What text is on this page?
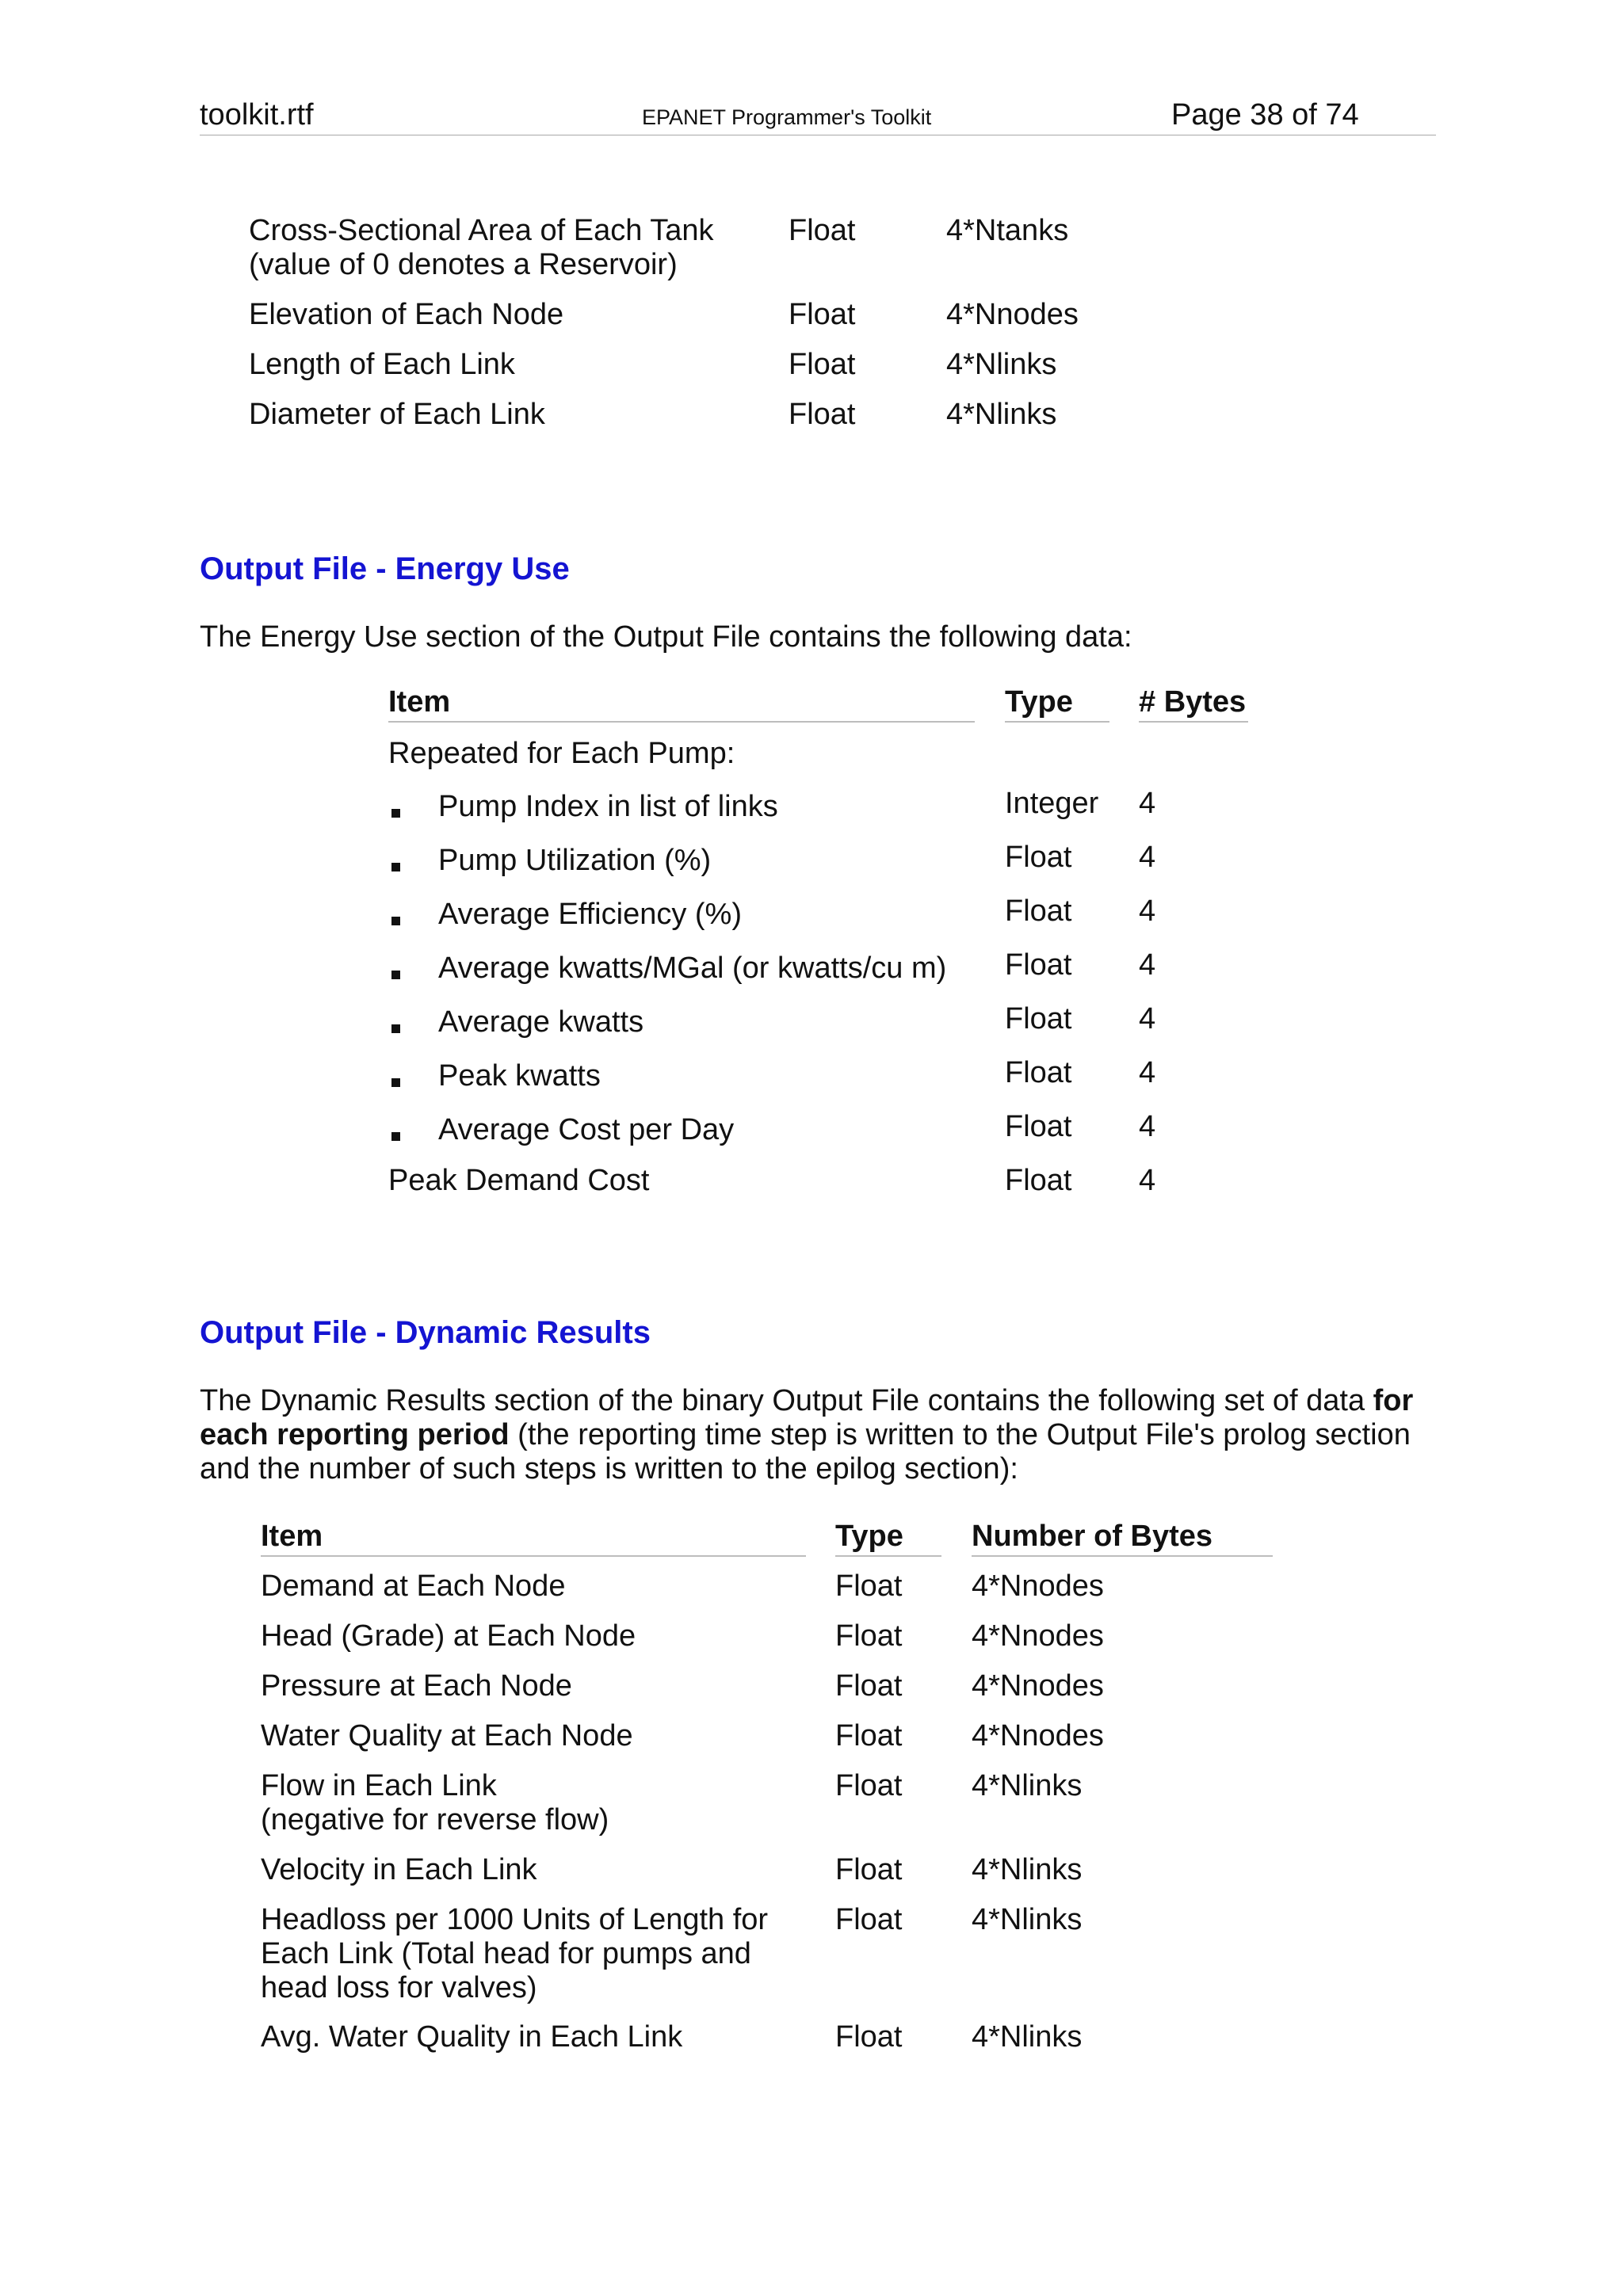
toolkit.rtf	EPANET Programmer's Toolkit	Page 38 of 74
Cross-Sectional Area of Each Tank
(value of 0 denotes a Reservoir)
Float	4*Ntanks
Elevation of Each Node	Float	4*Nnodes
Length of Each Link	Float	4*Nlinks
Diameter of Each Link	Float	4*Nlinks
Output File - Energy Use
The Energy Use section of the Output File contains the following data:
Item	Type # Bytes
Repeated for Each Pump:
Pump Index in list of links	Integer 4
Pump Utilization (%)	Float 4
Average Efficiency (%)	Float 4
Average kwatts/MGal (or kwatts/cu m) Float 4
Average kwatts	Float 4
Peak kwatts	Float 4
Average Cost per Day	Float 4
Peak Demand Cost	Float 4
Output File - Dynamic Results
The Dynamic Results section of the binary Output File contains the following set of data for
each reporting period (the reporting time step is written to the Output File's prolog section
and the number of such steps is written to the epilog section):
Item	Type Number of Bytes
Demand at Each Node	Float 4*Nnodes
Head (Grade) at Each Node	Float 4*Nnodes
Pressure at Each Node	Float 4*Nnodes
Water Quality at Each Node	Float 4*Nnodes
Flow in Each Link
(negative for reverse flow)
Float 4*Nlinks
Velocity in Each Link	Float 4*Nlinks
Headloss per 1000 Units of Length for
Each Link (Total head for pumps and
head loss for valves)
Float 4*Nlinks
Avg. Water Quality in Each Link	Float 4*Nlinks
